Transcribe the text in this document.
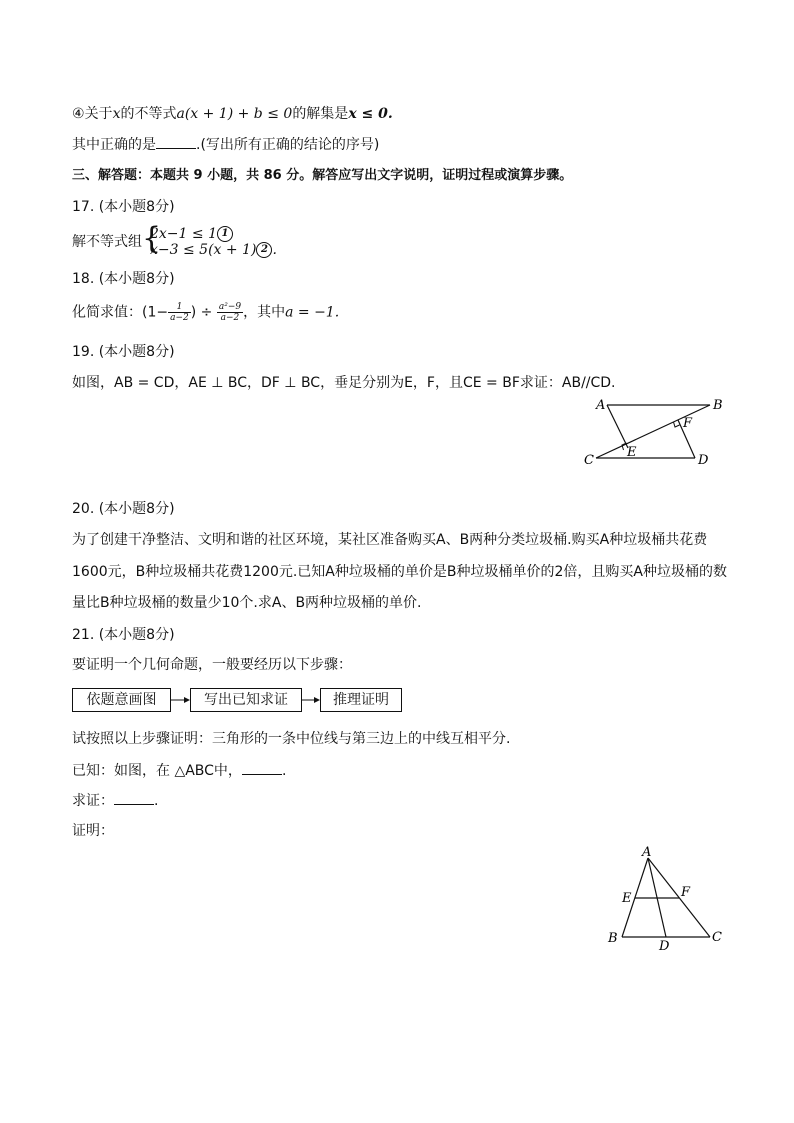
④关于x的不等式a(x + 1) + b ≤ 0的解集是x ≤ 0.
其中正确的是	.(写出所有正确的结论的序号)
三、解答题：本题共 9 小题，共 86 分。解答应写出文字说明，证明过程或演算步骤。
17. (本小题8分)
解不等式组 {
2x−1 ≤ 1 1
x−3 ≤ 5(x + 1) 2 .
18. (本小题8分)
化简求值：($1- \frac{1}{a-2}$ ) ÷ $\frac{\text{a²−9}}{a-2}$ ，其中a = −1.
19. (本小题8分)
如图，AB = CD，AE ⊥ BC，DF ⊥ BC，垂足分别为E，F，且CE = BF求证：AB//CD.
A	B
C	D
E
F
20. (本小题8分)
为了创建干净整洁、文明和谐的社区环境，某社区准备购买A、B两种分类垃圾桶.购买A种垃圾桶共花费
1600元，B种垃圾桶共花费1200元.已知A种垃圾桶的单价是B种垃圾桶单价的2倍，且购买A种垃圾桶的数
量比B种垃圾桶的数量少10个.求A、B两种垃圾桶的单价.
21. (本小题8分)
要证明一个几何命题，一般要经历以下步骤：
依题意画图	写出已知求证	推理证明
试按照以上步骤证明：三角形的一条中位线与第三边上的中线互相平分.
已知：如图，在 △ABC中，	.
求证：	.
证明：
A
E	F
B
D
C
